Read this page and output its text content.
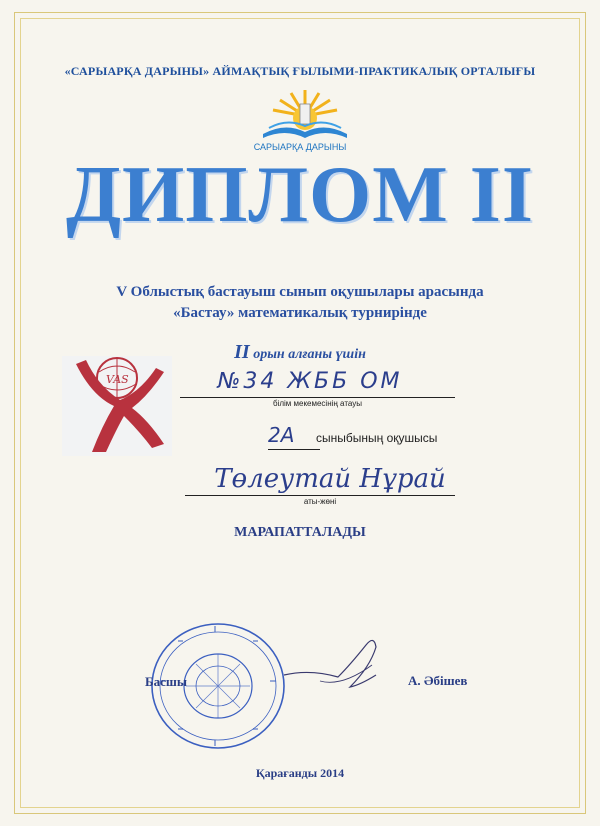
«САРЫАРҚА ДАРЫНЫ» АЙМАҚТЫҚ ҒЫЛЫМИ-ПРАКТИКАЛЫҚ ОРТАЛЫҒЫ
САРЫАРҚА ДАРЫНЫ
ДИПЛОМ II
V Облыстық бастауыш сынып оқушылары арасында
«Бастау» математикалық турнирінде
II орын алғаны үшін
VAS	№34 ЖББ ОМ
білім мекемесінің атауы
2А сыныбының оқушысы
Төлеутай Нұрай
аты-жөні
МАРАПАТТАЛАДЫ
Басшы	А. Әбішев
Қарағанды 2014
